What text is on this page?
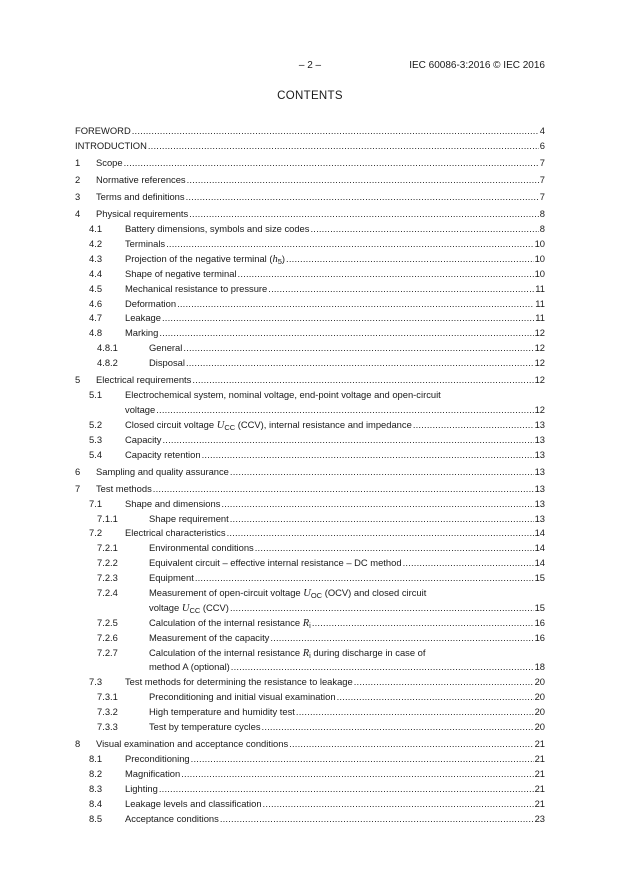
– 2 –	IEC 60086-3:2016 © IEC 2016
CONTENTS
FOREWORD .....	4
INTRODUCTION .....	6
1 Scope .....	7
2 Normative references .....	7
3 Terms and definitions .....	7
4 Physical requirements .....	8
4.1 Battery dimensions, symbols and size codes .....	8
4.2 Terminals .....	10
4.3 Projection of the negative terminal $(h_5)$ .....	10
4.4 Shape of negative terminal .....	10
4.5 Mechanical resistance to pressure .....	11
4.6 Deformation .....	11
4.7 Leakage .....	11
4.8 Marking .....	12
4.8.1	General .....	12
4.8.2	Disposal .....	12
5 Electrical requirements .....	12
5.1 Electrochemical system, nominal voltage, end-point voltage and open-circuit
voltage .....	12
5.2 Closed circuit voltage $U_{CC}$ (CCV), internal resistance and impedance .....	13
5.3 Capacity .....	13
5.4 Capacity retention .....	13
6 Sampling and quality assurance .....	13
7 Test methods .....	13
7.1 Shape and dimensions .....	13
7.1.1	Shape requirement .....	13
7.2 Electrical characteristics .....	14
7.2.1	Environmental conditions .....	14
7.2.2	Equivalent circuit – effective internal resistance – DC method .....	14
7.2.3	Equipment .....	15
7.2.4	Measurement of open-circuit voltage $U_{OC}$ (OCV) and closed circuit
voltage $U_{CC}$ (CCV) .....	15
7.2.5	Calculation of the internal resistance $R_i$ .....	16
7.2.6	Measurement of the capacity .....	16
7.2.7	Calculation of the internal resistance $R_i$ during discharge in case of
method A (optional) .....	18
7.3 Test methods for determining the resistance to leakage .....	20
7.3.1	Preconditioning and initial visual examination .....	20
7.3.2	High temperature and humidity test .....	20
7.3.3	Test by temperature cycles .....	20
8 Visual examination and acceptance conditions .....	21
8.1 Preconditioning .....	21
8.2 Magnification .....	21
8.3 Lighting .....	21
8.4 Leakage levels and classification .....	21
8.5 Acceptance conditions .....	23
